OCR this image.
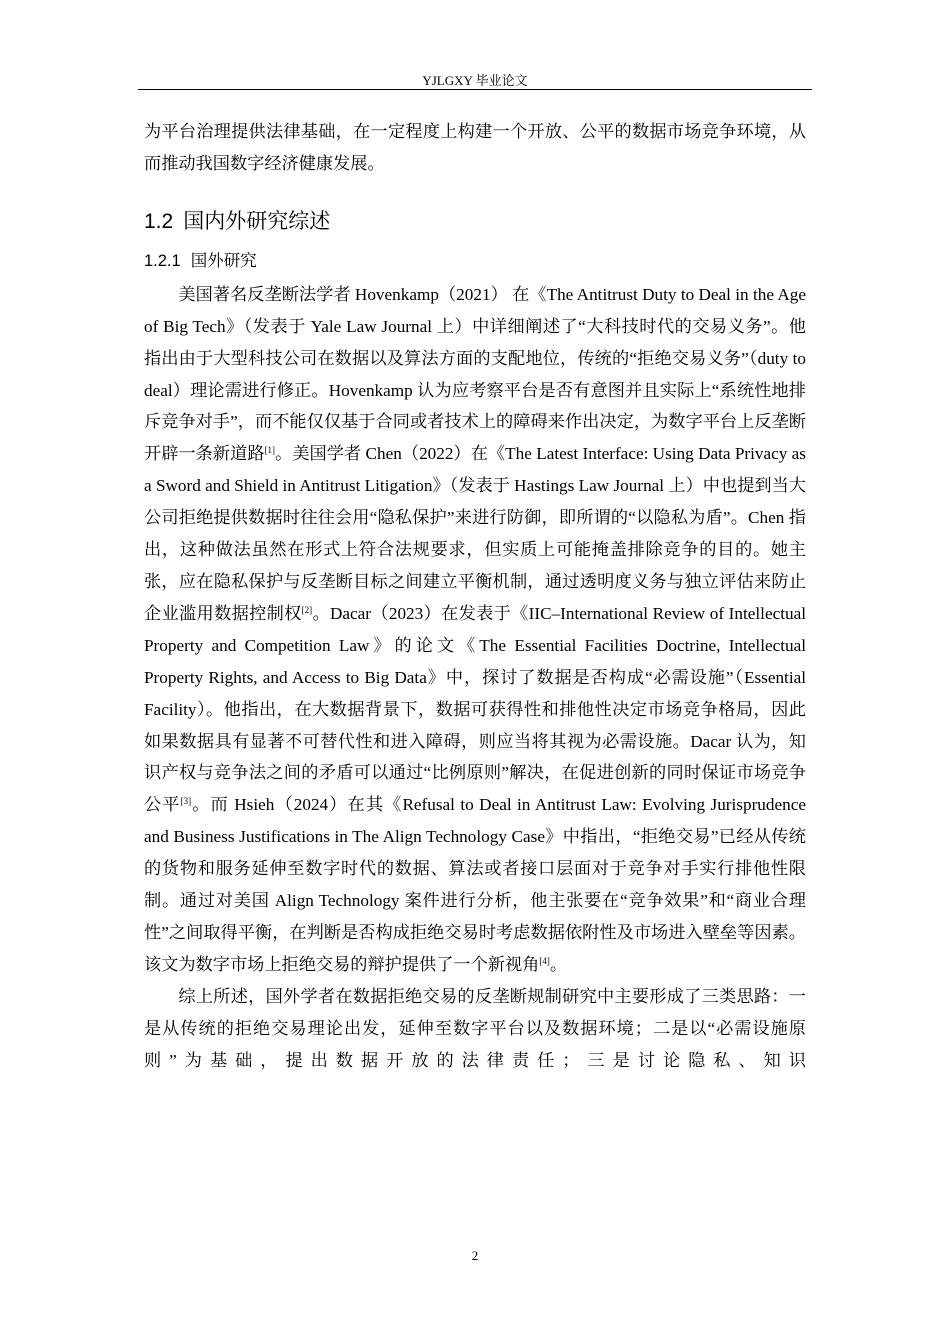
YJLGXY 毕业论文

为平台治理提供法律基础，在一定程度上构建一个开放、公平的数据市场竞争环境，从而推动我国数字经济健康发展。

1.2 国内外研究综述
1.2.1 国外研究

美国著名反垄断法学者 Hovenkamp（2021） 在《The Antitrust Duty to Deal in the Age of Big Tech》（发表于 Yale Law Journal 上）中详细阐述了“大科技时代的交易义务”。他指出由于大型科技公司在数据以及算法方面的支配地位，传统的“拒绝交易义务”（duty to deal）理论需进行修正。Hovenkamp 认为应考察平台是否有意图并且实际上“系统性地排斥竞争对手”，而不能仅仅基于合同或者技术上的障碍来作出决定，为数字平台上反垄断开辟一条新道路[1]。美国学者 Chen（2022）在《The Latest Interface: Using Data Privacy as a Sword and Shield in Antitrust Litigation》（发表于 Hastings Law Journal 上）中也提到当大公司拒绝提供数据时往往会用“隐私保护”来进行防御，即所谓的“以隐私为盾”。Chen 指出，这种做法虽然在形式上符合法规要求，但实质上可能掩盖排除竞争的目的。她主张，应在隐私保护与反垄断目标之间建立平衡机制，通过透明度义务与独立评估来防止企业滥用数据控制权[2]。Dacar（2023）在发表于《IIC–International Review of Intellectual Property and Competition Law》的论文《The Essential Facilities Doctrine, Intellectual Property Rights, and Access to Big Data》中，探讨了数据是否构成“必需设施”（Essential Facility）。他指出，在大数据背景下，数据可获得性和排他性决定市场竞争格局，因此如果数据具有显著不可替代性和进入障碍，则应当将其视为必需设施。Dacar 认为，知识产权与竞争法之间的矛盾可以通过“比例原则”解决，在促进创新的同时保证市场竞争公平[3]。而 Hsieh（2024）在其《Refusal to Deal in Antitrust Law: Evolving Jurisprudence and Business Justifications in The Align Technology Case》中指出，“拒绝交易”已经从传统的货物和服务延伸至数字时代的数据、算法或者接口层面对于竞争对手实行排他性限制。通过对美国 Align Technology 案件进行分析，他主张要在“竞争效果”和“商业合理性”之间取得平衡，在判断是否构成拒绝交易时考虑数据依附性及市场进入壁垒等因素。该文为数字市场上拒绝交易的辩护提供了一个新视角[4]。

综上所述，国外学者在数据拒绝交易的反垄断规制研究中主要形成了三类思路：一是从传统的拒绝交易理论出发，延伸至数字平台以及数据环境；二是以“必需设施原则”为基础，提出数据开放的法律责任；三是讨论隐私、知识

2
